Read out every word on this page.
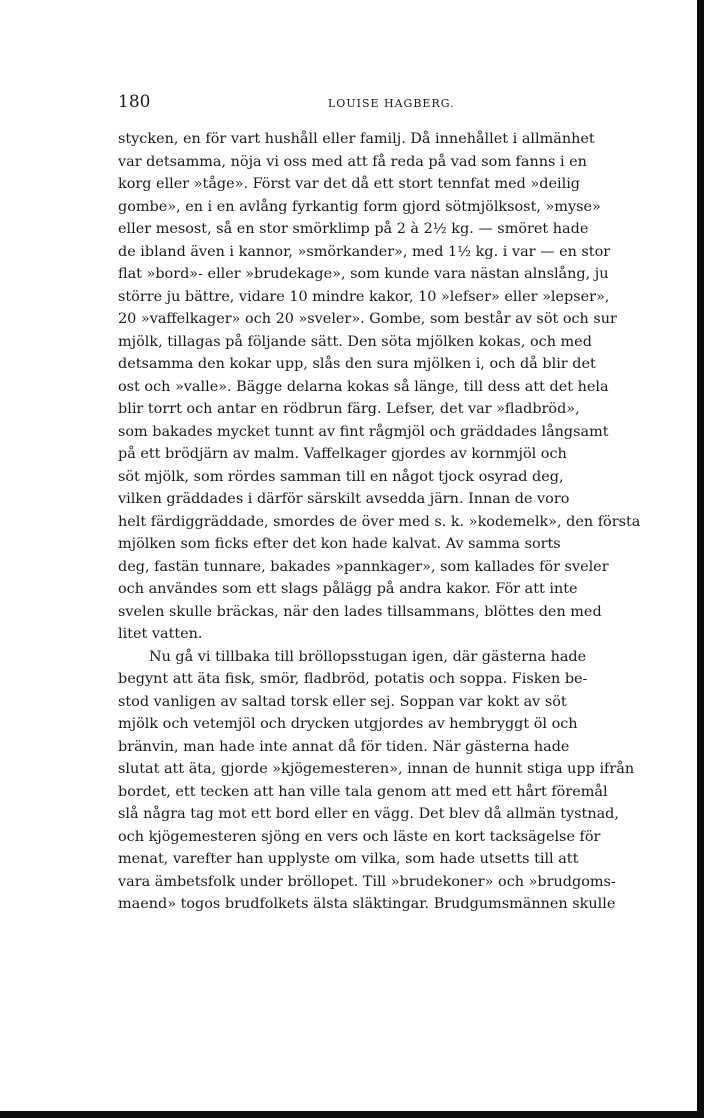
180	LOUISE HAGBERG.
stycken, en för vart hushåll eller familj. Då innehållet i allmänhet
var detsamma, nöja vi oss med att få reda på vad som fanns i en
korg eller »tåge». Först var det då ett stort tennfat med »deilig
gombe», en i en avlång fyrkantig form gjord sötmjölksost, »myse»
eller mesost, så en stor smörklimp på 2 à 2½ kg. — smöret hade
de ibland även i kannor, »smörkander», med 1½ kg. i var — en stor
flat »bord»- eller »brudekage», som kunde vara nästan alnslång, ju
större ju bättre, vidare 10 mindre kakor, 10 »lefser» eller »lepser»,
20 »vaffelkager» och 20 »sveler». Gombe, som består av söt och sur
mjölk, tillagas på följande sätt. Den söta mjölken kokas, och med
detsamma den kokar upp, slås den sura mjölken i, och då blir det
ost och »valle». Bägge delarna kokas så länge, till dess att det hela
blir torrt och antar en rödbrun färg. Lefser, det var »fladbröd»,
som bakades mycket tunnt av fint rågmjöl och gräddades långsamt
på ett brödjärn av malm. Vaffelkager gjordes av kornmjöl och
söt mjölk, som rördes samman till en något tjock osyrad deg,
vilken gräddades i därför särskilt avsedda järn. Innan de voro
helt färdiggräddade, smordes de över med s. k. »kodemelk», den första
mjölken som ficks efter det kon hade kalvat. Av samma sorts
deg, fastän tunnare, bakades »pannkager», som kallades för sveler
och användes som ett slags pålägg på andra kakor. För att inte
svelen skulle bräckas, när den lades tillsammans, blöttes den med
litet vatten.
Nu gå vi tillbaka till bröllopsstugan igen, där gästerna hade
begynt att äta fisk, smör, fladbröd, potatis och soppa. Fisken be-
stod vanligen av saltad torsk eller sej. Soppan var kokt av söt
mjölk och vetemjöl och drycken utgjordes av hembryggt öl och
bränvin, man hade inte annat då för tiden. När gästerna hade
slutat att äta, gjorde »kjögemesteren», innan de hunnit stiga upp ifrån
bordet, ett tecken att han ville tala genom att med ett hårt föremål
slå några tag mot ett bord eller en vägg. Det blev då allmän tystnad,
och kjögemesteren sjöng en vers och läste en kort tacksägelse för
menat, varefter han upplyste om vilka, som hade utsetts till att
vara ämbetsfolk under bröllopet. Till »brudekoner» och »brudgoms-
maend» togos brudfolkets älsta släktingar. Brudgumsmännen skulle
